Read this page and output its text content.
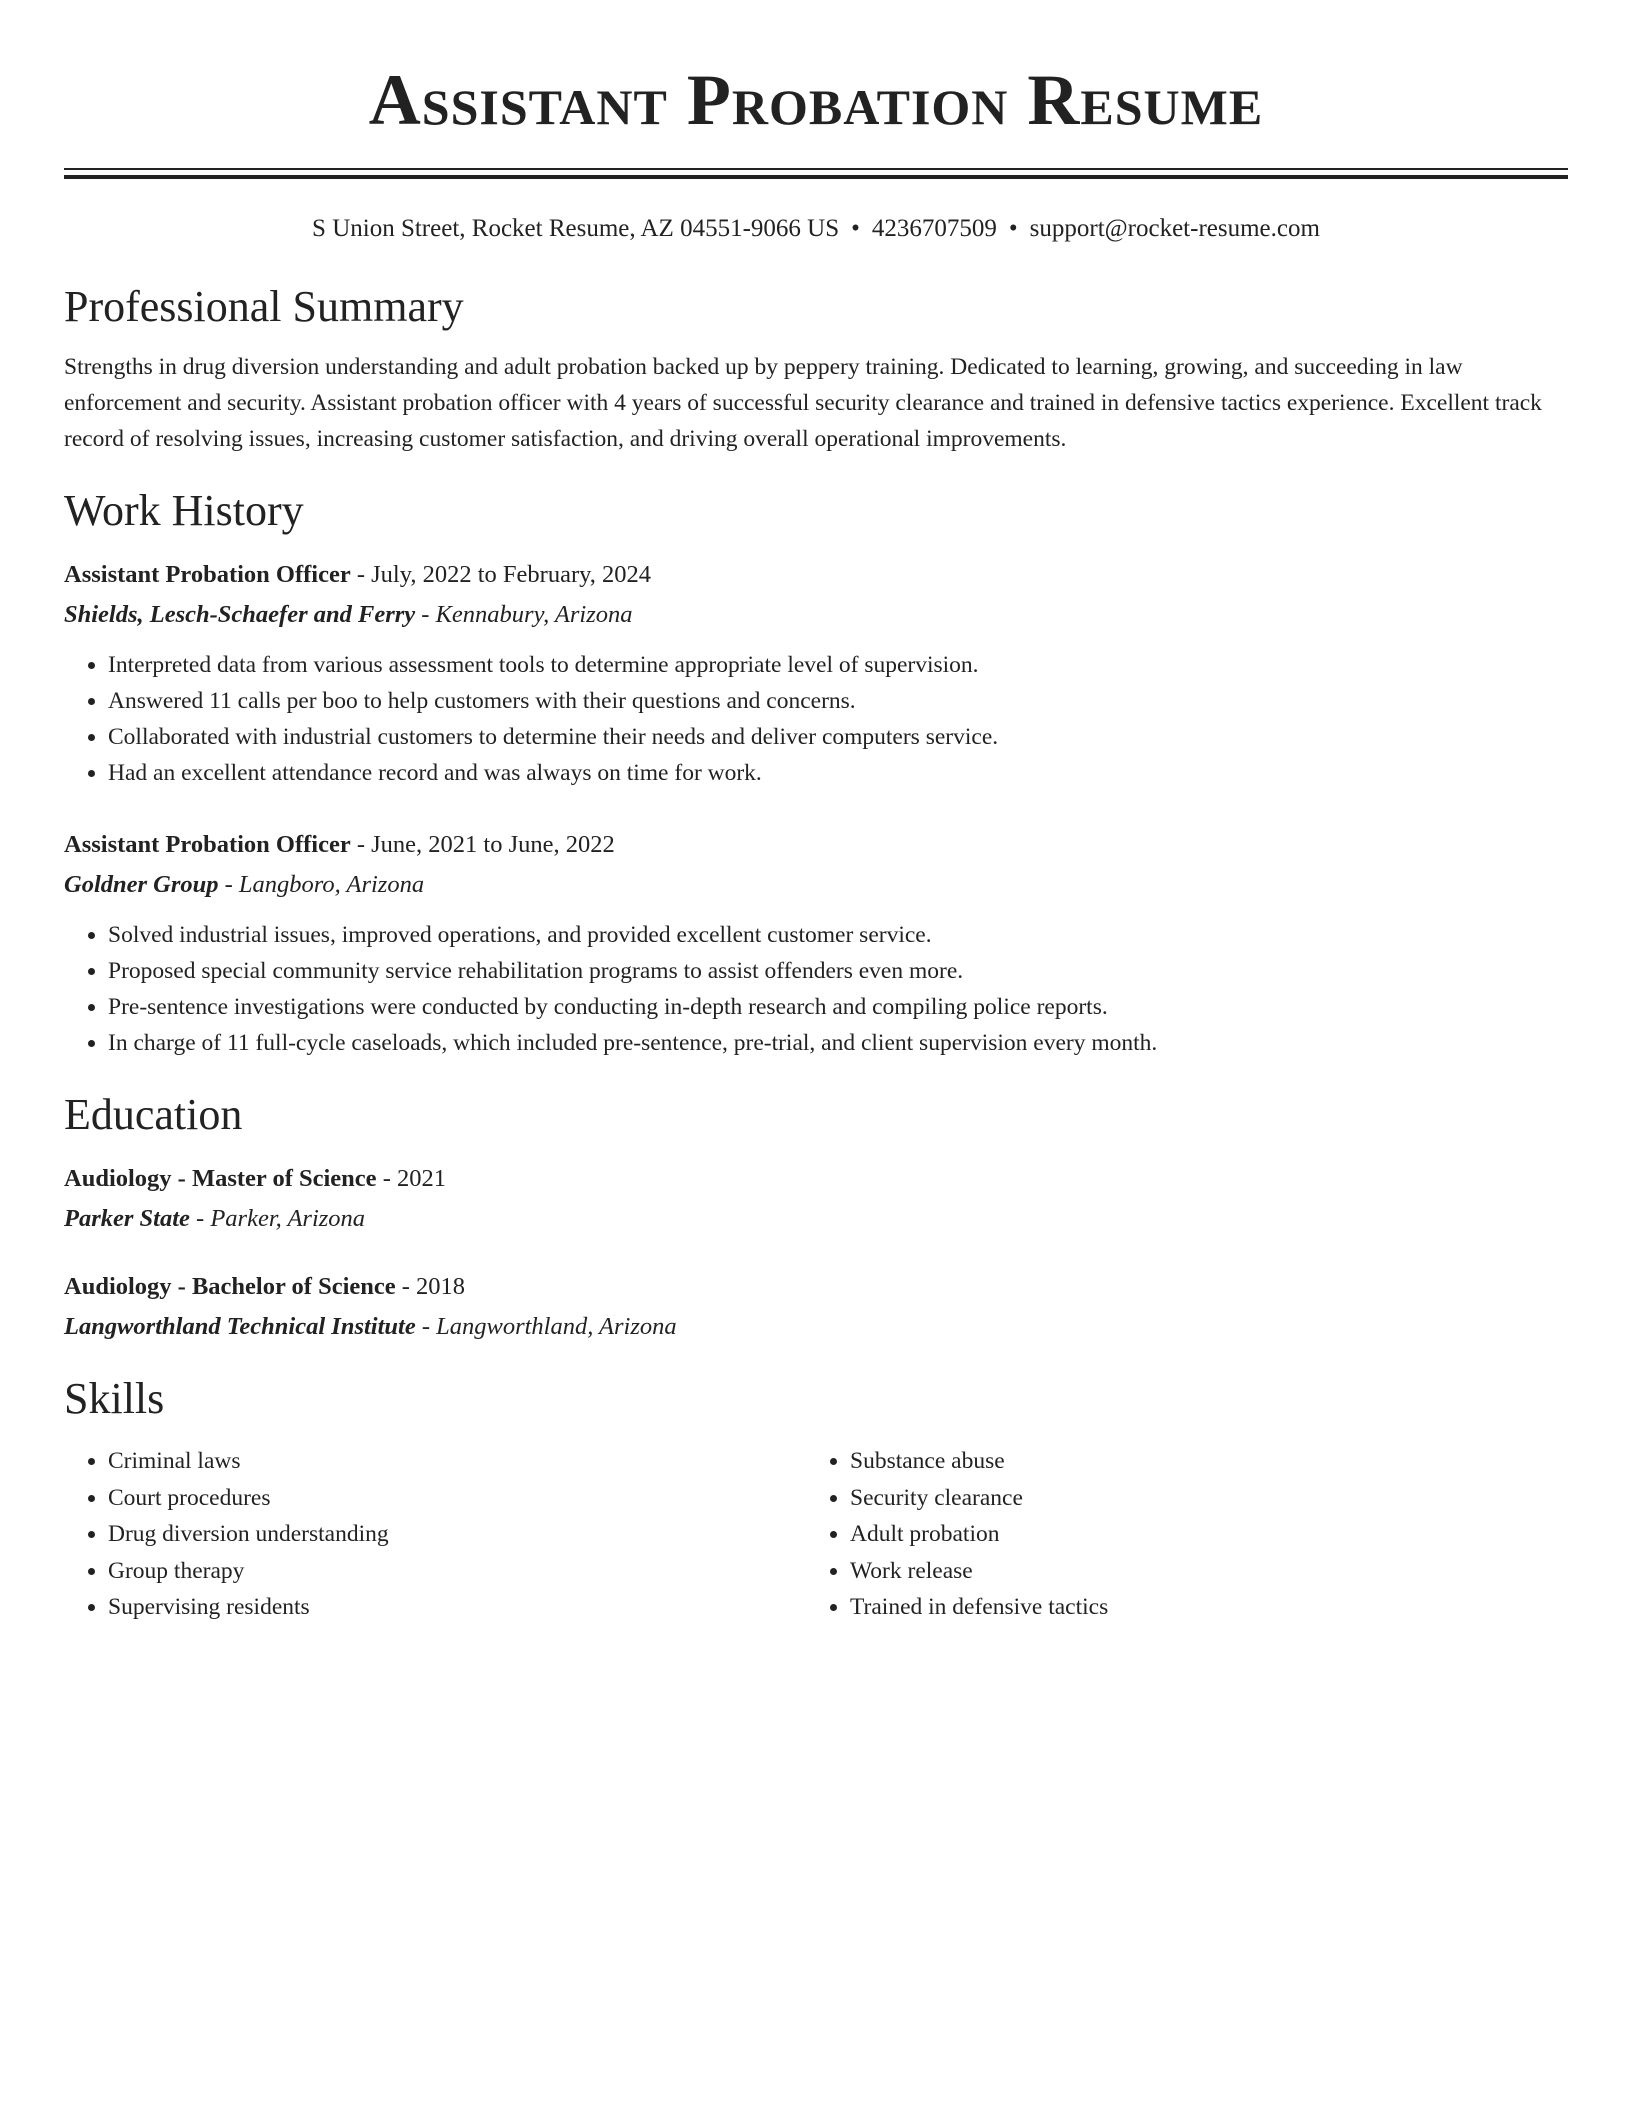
Assistant Probation Resume
S Union Street, Rocket Resume, AZ 04551-9066 US • 4236707509 • support@rocket-resume.com
Professional Summary
Strengths in drug diversion understanding and adult probation backed up by peppery training. Dedicated to learning, growing, and succeeding in law enforcement and security. Assistant probation officer with 4 years of successful security clearance and trained in defensive tactics experience. Excellent track record of resolving issues, increasing customer satisfaction, and driving overall operational improvements.
Work History
Assistant Probation Officer - July, 2022 to February, 2024
Shields, Lesch-Schaefer and Ferry - Kennabury, Arizona
• Interpreted data from various assessment tools to determine appropriate level of supervision.
• Answered 11 calls per boo to help customers with their questions and concerns.
• Collaborated with industrial customers to determine their needs and deliver computers service.
• Had an excellent attendance record and was always on time for work.
Assistant Probation Officer - June, 2021 to June, 2022
Goldner Group - Langboro, Arizona
• Solved industrial issues, improved operations, and provided excellent customer service.
• Proposed special community service rehabilitation programs to assist offenders even more.
• Pre-sentence investigations were conducted by conducting in-depth research and compiling police reports.
• In charge of 11 full-cycle caseloads, which included pre-sentence, pre-trial, and client supervision every month.
Education
Audiology - Master of Science - 2021
Parker State - Parker, Arizona
Audiology - Bachelor of Science - 2018
Langworthland Technical Institute - Langworthland, Arizona
Skills
• Criminal laws
• Court procedures
• Drug diversion understanding
• Group therapy
• Supervising residents
• Substance abuse
• Security clearance
• Adult probation
• Work release
• Trained in defensive tactics
